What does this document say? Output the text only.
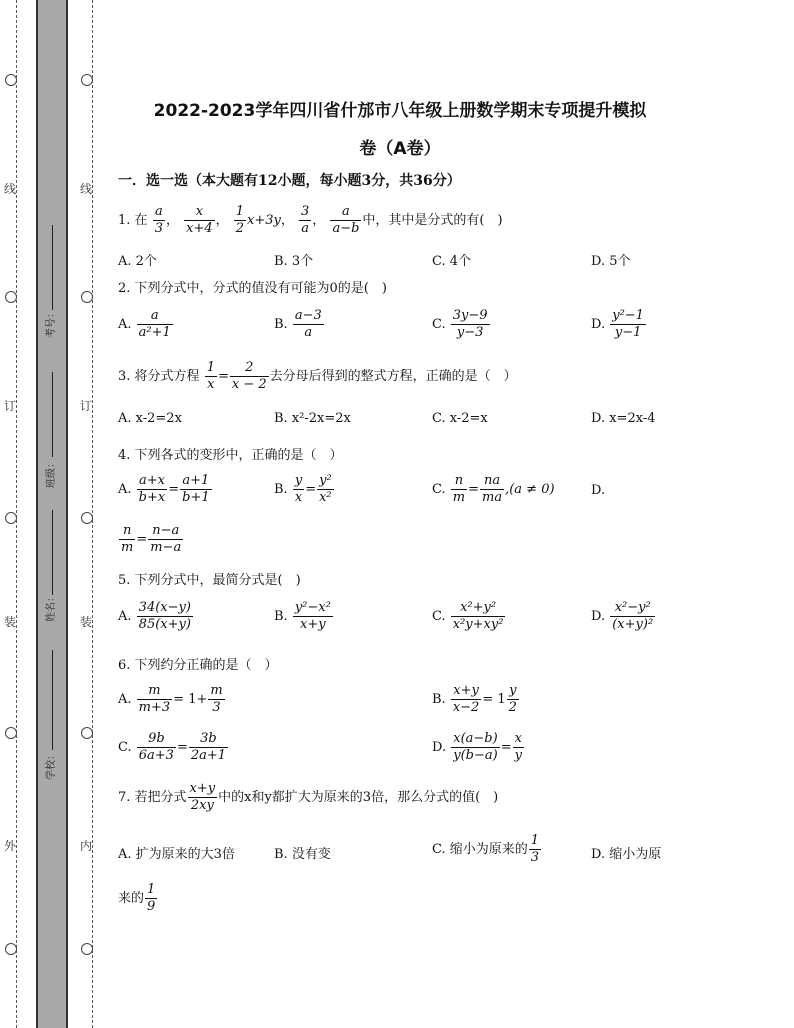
线
订
装
外
线
订
装
内
考号：
班级：
姓名：
学校：
2022-2023学年四川省什邡市八年级上册数学期末专项提升模拟
卷（A卷）
一．选一选（本大题有12小题，每小题3分，共36分）
1. 在 $\frac{a}{3}$ ， $\frac{x}{x+4}$ ， $\frac{1}{2} x+3y$， $\frac{3}{a}$ ， $\frac{a}{a-b}$ 中，其中是分式的有(　)
A. 2个	B. 3个	C. 4个	D. 5个
2. 下列分式中，分式的值没有可能为0的是(　)
A. $\frac{a}{\text{a²+1}}$	B. $\frac{a-3}{a}$	C. $\frac{3y-9}{y-3}$	D. $\frac{\text{y²−1}}{y-1}$
3. 将分式方程 $\frac{1}{x} = \frac{2}{x - 2}$ 去分母后得到的整式方程，正确的是（　）
A. x-2=2x	B. x²-2x=2x	C. x-2=x	D. x=2x-4
4. 下列各式的变形中，正确的是（　）
A. $\frac{a+x}{b+x} = \frac{a+1}{b+1}$	B. $\frac{y}{x} = \frac{\text{y²}}{\text{x²}}$	C. $\frac{n}{m} = \frac{na}{ma} ,(a \ne 0)$	D.
$\frac{n}{m} = \frac{n-a}{m-a}$
5. 下列分式中，最简分式是(　)
A. $\frac{34(x-y)}{85(x+y)}$	B. $\frac{\text{y²−x²}}{x+y}$	C. $\frac{\text{x²+y²}}{\text{x²y+xy²}}$	D. $\frac{\text{x²−y²}}{\text{(x+y)²}}$
6. 下列约分正确的是（　）
A. $\frac{m}{m+3} = 1+ \frac{m}{3}$	B. $\frac{x+y}{x-2} = 1 \frac{y}{2}$
C. $\frac{9b}{6a+3} = \frac{3b}{2a+1}$	D. $\frac{x(a-b)}{y(b-a)} = \frac{x}{y}$
7. 若把分式 $\frac{x+y}{2xy}$ 中的x和y都扩大为原来的3倍，那么分式的值(　)
A. 扩为原来的大3倍	B. 没有变	C. 缩小为原来的 $\frac{1}{3}$	D. 缩小为原
来的 $\frac{1}{9}$
